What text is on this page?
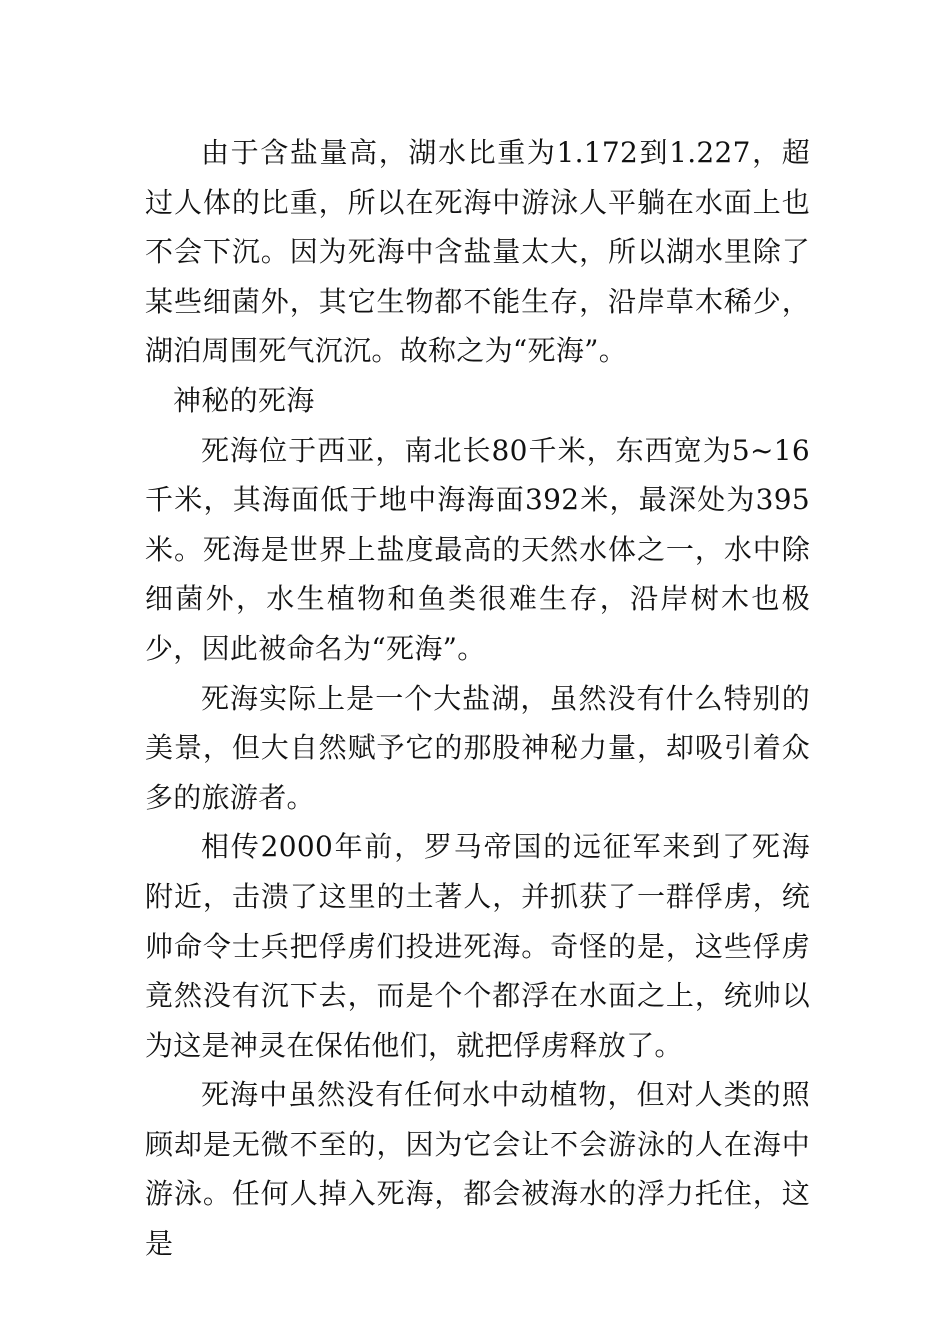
由于含盐量高，湖水比重为1.172到1.227，超过人体的比重，所以在死海中游泳人平躺在水面上也不会下沉。因为死海中含盐量太大，所以湖水里除了某些细菌外，其它生物都不能生存，沿岸草木稀少，湖泊周围死气沉沉。故称之为“死海”。

神秘的死海

死海位于西亚，南北长80千米，东西宽为5~16千米，其海面低于地中海海面392米，最深处为395米。死海是世界上盐度最高的天然水体之一，水中除细菌外，水生植物和鱼类很难生存，沿岸树木也极少，因此被命名为“死海”。

死海实际上是一个大盐湖，虽然没有什么特别的美景，但大自然赋予它的那股神秘力量，却吸引着众多的旅游者。

相传2000年前，罗马帝国的远征军来到了死海附近，击溃了这里的土著人，并抓获了一群俘虏，统帅命令士兵把俘虏们投进死海。奇怪的是，这些俘虏竟然没有沉下去，而是个个都浮在水面之上，统帅以为这是神灵在保佑他们，就把俘虏释放了。

死海中虽然没有任何水中动植物，但对人类的照顾却是无微不至的，因为它会让不会游泳的人在海中游泳。任何人掉入死海，都会被海水的浮力托住，这是
